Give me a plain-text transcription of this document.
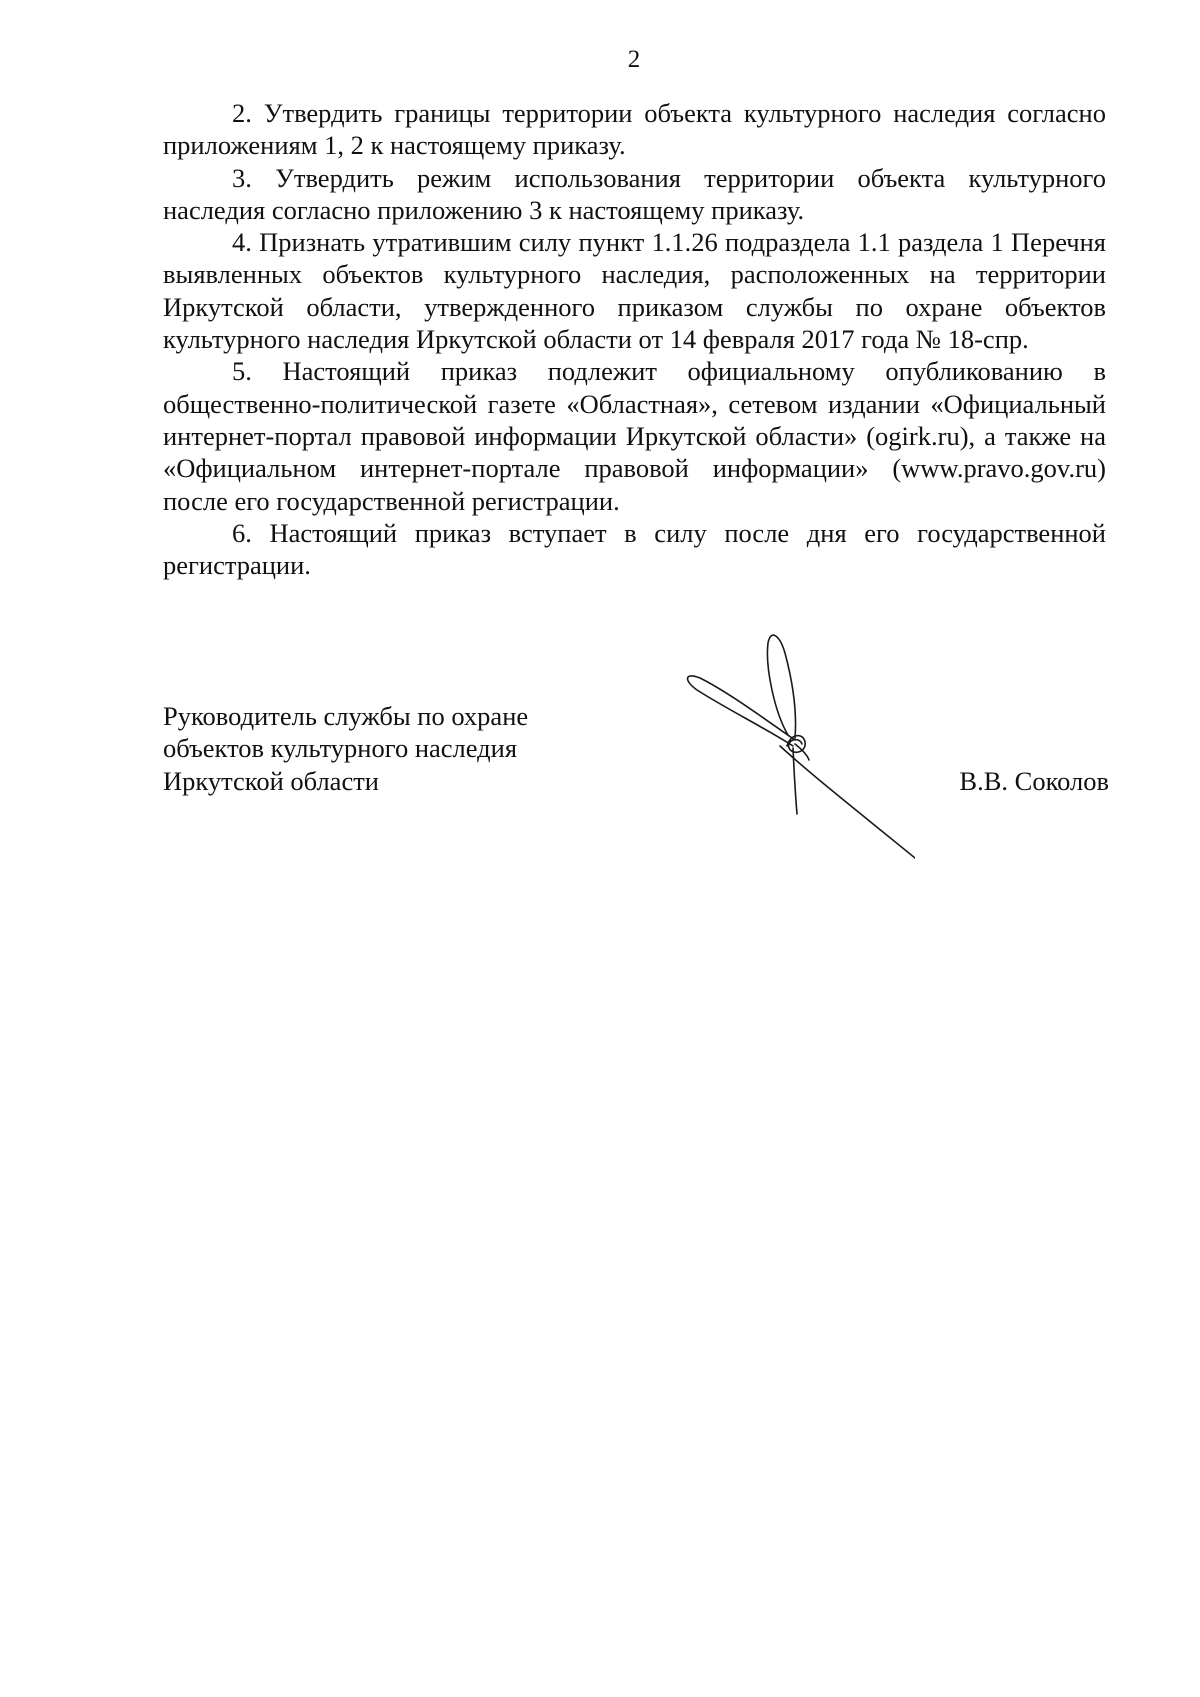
2

2. Утвердить границы территории объекта культурного наследия согласно приложениям 1, 2 к настоящему приказу.

3. Утвердить режим использования территории объекта культурного наследия согласно приложению 3 к настоящему приказу.

4. Признать утратившим силу пункт 1.1.26 подраздела 1.1 раздела 1 Перечня выявленных объектов культурного наследия, расположенных на территории Иркутской области, утвержденного приказом службы по охране объектов культурного наследия Иркутской области от 14 февраля 2017 года № 18-спр.

5. Настоящий приказ подлежит официальному опубликованию в общественно-политической газете «Областная», сетевом издании «Официальный интернет-портал правовой информации Иркутской области» (ogirk.ru), а также на «Официальном интернет-портале правовой информации» (www.pravo.gov.ru) после его государственной регистрации.

6. Настоящий приказ вступает в силу после дня его государственной регистрации.

Руководитель службы по охране
объектов культурного наследия
Иркутской области	В.В. Соколов
